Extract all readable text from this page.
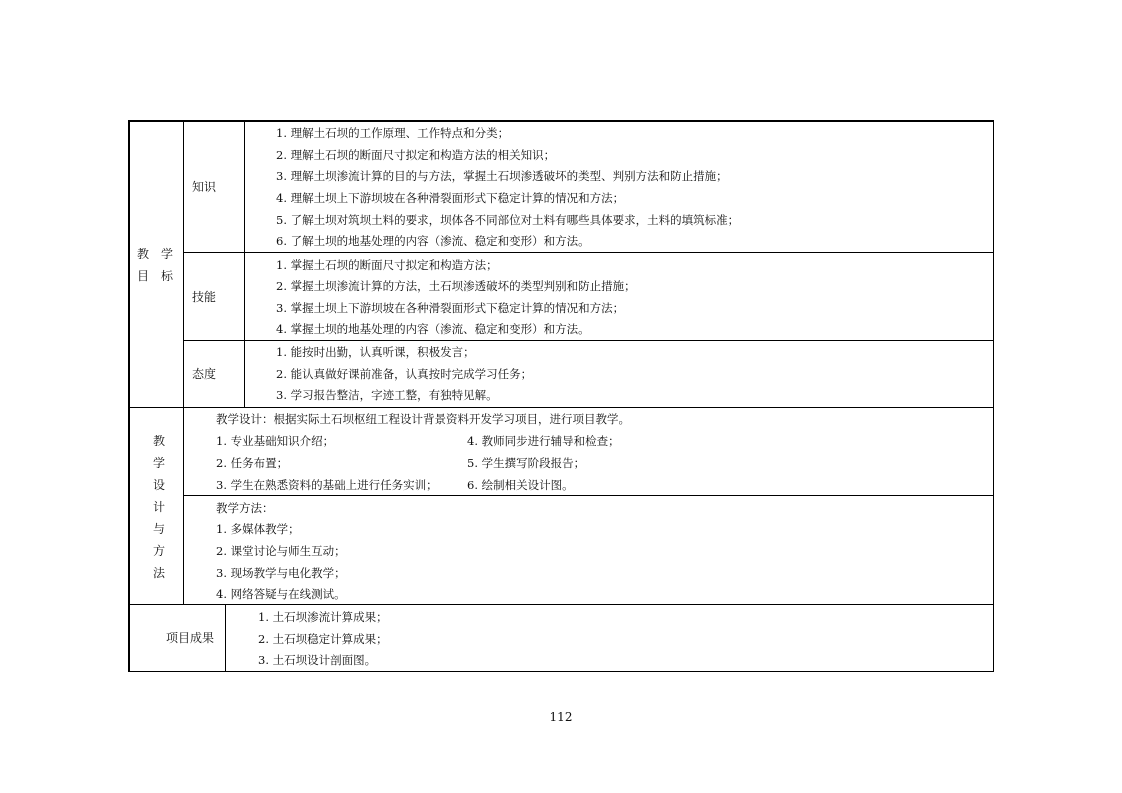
教　学
目　标
知识
1. 理解土石坝的工作原理、工作特点和分类；
2. 理解土石坝的断面尺寸拟定和构造方法的相关知识；
3. 理解土坝渗流计算的目的与方法，掌握土石坝渗透破坏的类型、判别方法和防止措施；
4. 理解土坝上下游坝坡在各种滑裂面形式下稳定计算的情况和方法；
5. 了解土坝对筑坝土料的要求，坝体各不同部位对土料有哪些具体要求，土料的填筑标准；
6. 了解土坝的地基处理的内容（渗流、稳定和变形）和方法。
技能
1. 掌握土石坝的断面尺寸拟定和构造方法；
2. 掌握土坝渗流计算的方法，土石坝渗透破坏的类型判别和防止措施；
3. 掌握土坝上下游坝坡在各种滑裂面形式下稳定计算的情况和方法；
4. 掌握土坝的地基处理的内容（渗流、稳定和变形）和方法。
态度
1. 能按时出勤，认真听课，积极发言；
2. 能认真做好课前准备，认真按时完成学习任务；
3. 学习报告整洁，字迹工整，有独特见解。
教
学
设
计
与
方
法
教学设计：根据实际土石坝枢纽工程设计背景资料开发学习项目，进行项目教学。
1. 专业基础知识介绍；
2. 任务布置；
3. 学生在熟悉资料的基础上进行任务实训；
4. 教师同步进行辅导和检查；
5. 学生撰写阶段报告；
6. 绘制相关设计图。
教学方法：
1. 多媒体教学；
2. 课堂讨论与师生互动；
3. 现场教学与电化教学；
4. 网络答疑与在线测试。
项目成果
1. 土石坝渗流计算成果；
2. 土石坝稳定计算成果；
3. 土石坝设计剖面图。
112
